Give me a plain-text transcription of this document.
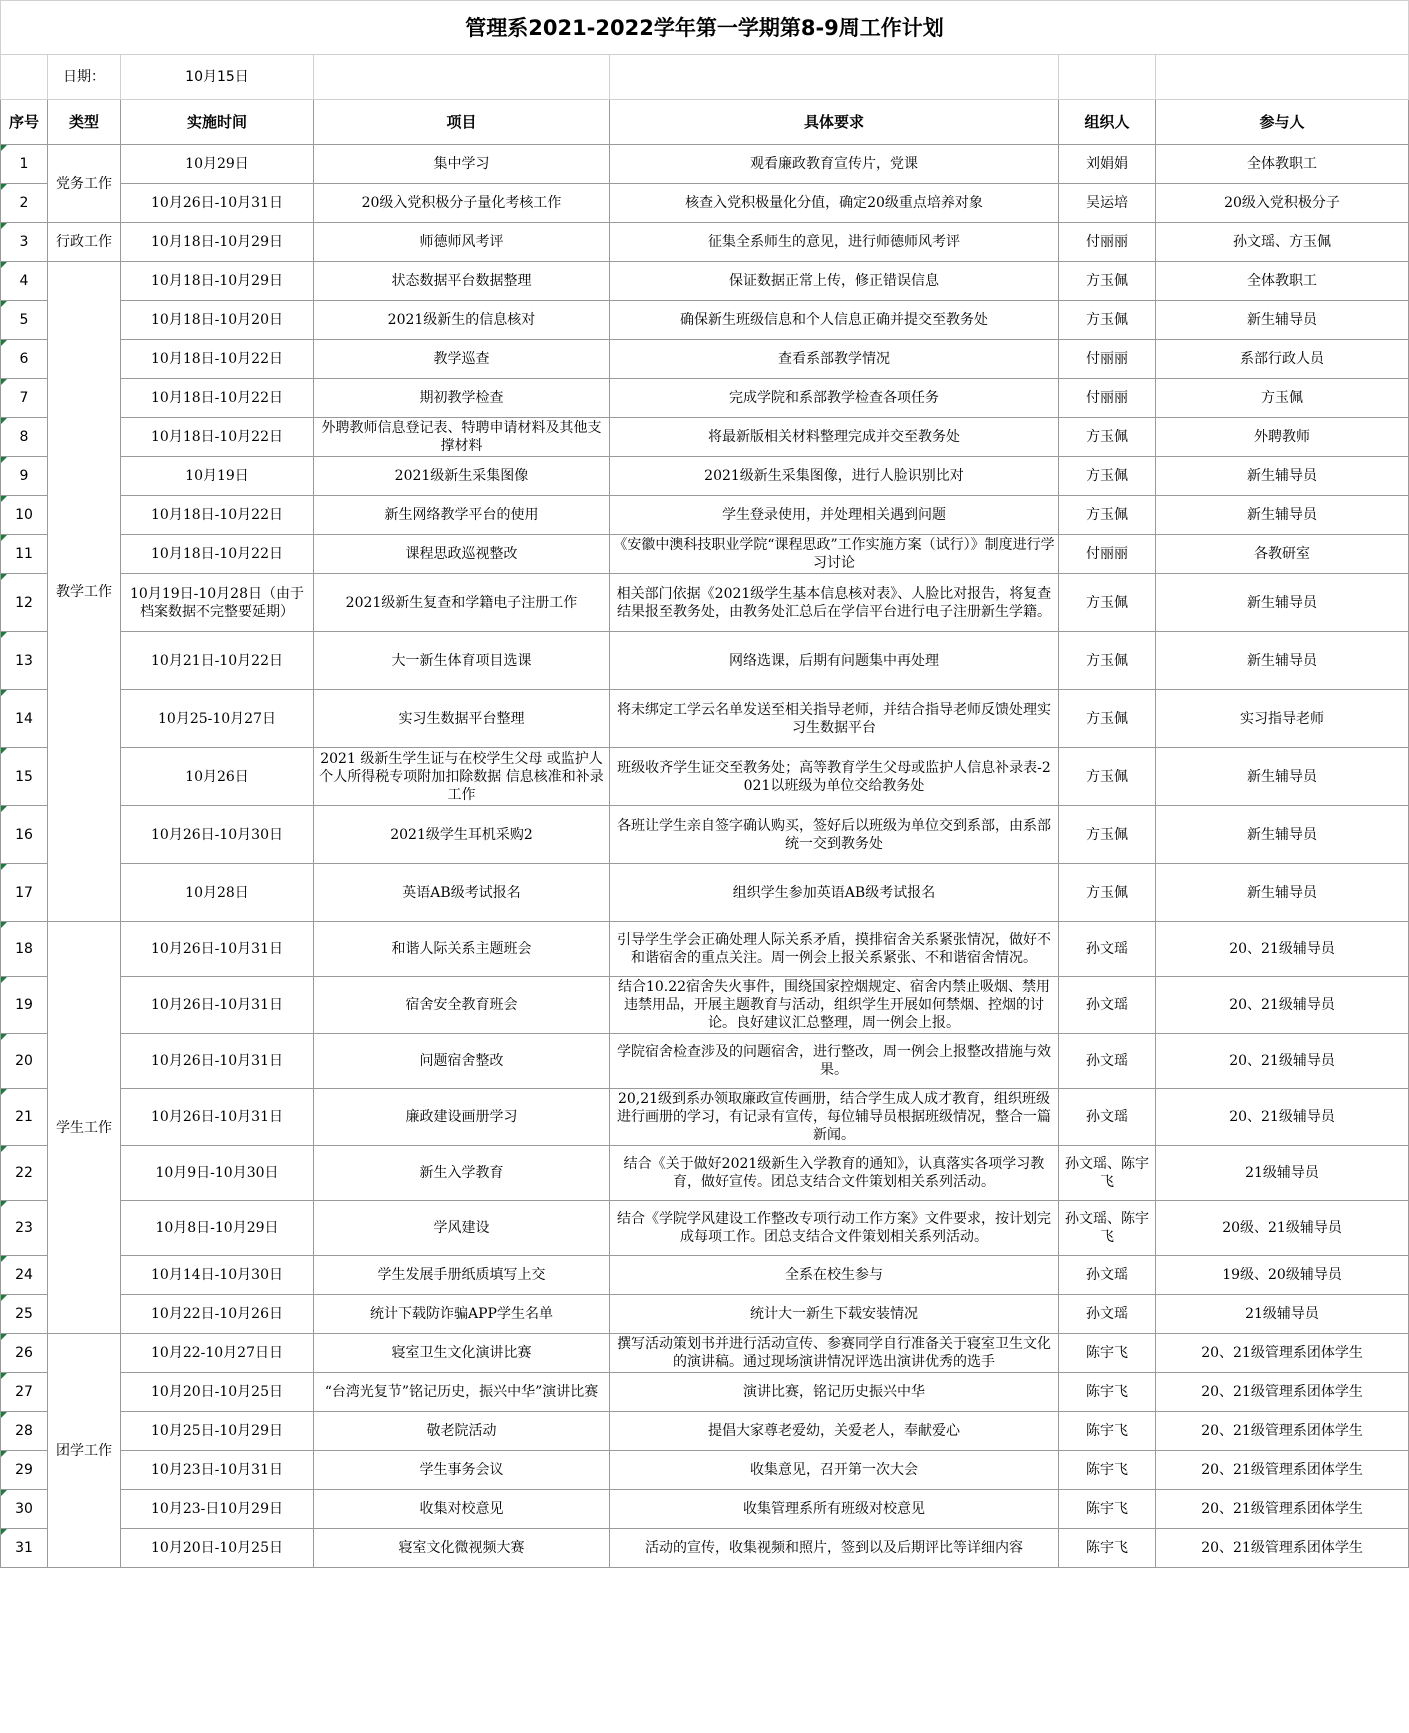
管理系2021-2022学年第一学期第8-9周工作计划						
	日期：	10月15日				
序号	类型	实施时间	项目	具体要求	组织人	参与人
1	党务工作	10月29日	集中学习	观看廉政教育宣传片，党课	刘娟娟	全体教职工
2		10月26日-10月31日	20级入党积极分子量化考核工作	核查入党积极量化分值，确定20级重点培养对象	吴运培	20级入党积极分子
3	行政工作	10月18日-10月29日	师德师风考评	征集全系师生的意见，进行师德师风考评	付丽丽	孙文瑶、方玉佩
4	教学工作	10月18日-10月29日	状态数据平台数据整理	保证数据正常上传，修正错误信息	方玉佩	全体教职工
5		10月18日-10月20日	2021级新生的信息核对	确保新生班级信息和个人信息正确并提交至教务处	方玉佩	新生辅导员
6		10月18日-10月22日	教学巡查	查看系部教学情况	付丽丽	系部行政人员
7		10月18日-10月22日	期初教学检查	完成学院和系部教学检查各项任务	付丽丽	方玉佩
8		10月18日-10月22日	外聘教师信息登记表、特聘申请材料及其他支撑材料	将最新版相关材料整理完成并交至教务处	方玉佩	外聘教师
9		10月19日	2021级新生采集图像	2021级新生采集图像，进行人脸识别比对	方玉佩	新生辅导员
10		10月18日-10月22日	新生网络教学平台的使用	学生登录使用，并处理相关遇到问题	方玉佩	新生辅导员
11		10月18日-10月22日	课程思政巡视整改	《安徽中澳科技职业学院“课程思政”工作实施方案（试行）》制度进行学习讨论	付丽丽	各教研室
12		10月19日-10月28日（由于档案数据不完整要延期）	2021级新生复查和学籍电子注册工作	相关部门依据《2021级学生基本信息核对表》、人脸比对报告，将复查结果报至教务处，由教务处汇总后在学信平台进行电子注册新生学籍。	方玉佩	新生辅导员
13		10月21日-10月22日	大一新生体育项目选课	网络选课，后期有问题集中再处理	方玉佩	新生辅导员
14		10月25-10月27日	实习生数据平台整理	将未绑定工学云名单发送至相关指导老师，并结合指导老师反馈处理实习生数据平台	方玉佩	实习指导老师
15		10月26日	2021 级新生学生证与在校学生父母 或监护人个人所得税专项附加扣除数据 信息核准和补录工作	班级收齐学生证交至教务处；高等教育学生父母或监护人信息补录表-2021以班级为单位交给教务处	方玉佩	新生辅导员
16		10月26日-10月30日	2021级学生耳机采购2	各班让学生亲自签字确认购买，签好后以班级为单位交到系部，由系部统一交到教务处	方玉佩	新生辅导员
17		10月28日	英语AB级考试报名	组织学生参加英语AB级考试报名	方玉佩	新生辅导员
18	学生工作	10月26日-10月31日	和谐人际关系主题班会	引导学生学会正确处理人际关系矛盾，摸排宿舍关系紧张情况，做好不和谐宿舍的重点关注。周一例会上报关系紧张、不和谐宿舍情况。	孙文瑶	20、21级辅导员
19		10月26日-10月31日	宿舍安全教育班会	结合10.22宿舍失火事件，围绕国家控烟规定、宿舍内禁止吸烟、禁用违禁用品，开展主题教育与活动，组织学生开展如何禁烟、控烟的讨论。良好建议汇总整理，周一例会上报。	孙文瑶	20、21级辅导员
20		10月26日-10月31日	问题宿舍整改	学院宿舍检查涉及的问题宿舍，进行整改，周一例会上报整改措施与效果。	孙文瑶	20、21级辅导员
21		10月26日-10月31日	廉政建设画册学习	20,21级到系办领取廉政宣传画册，结合学生成人成才教育，组织班级进行画册的学习，有记录有宣传，每位辅导员根据班级情况，整合一篇新闻。	孙文瑶	20、21级辅导员
22		10月9日-10月30日	新生入学教育	结合《关于做好2021级新生入学教育的通知》，认真落实各项学习教育，做好宣传。团总支结合文件策划相关系列活动。	孙文瑶、陈宇飞	21级辅导员
23		10月8日-10月29日	学风建设	结合《学院学风建设工作整改专项行动工作方案》文件要求，按计划完成每项工作。团总支结合文件策划相关系列活动。	孙文瑶、陈宇飞	20级、21级辅导员
24		10月14日-10月30日	学生发展手册纸质填写上交	全系在校生参与	孙文瑶	19级、20级辅导员
25		10月22日-10月26日	统计下载防诈骗APP学生名单	统计大一新生下载安装情况	孙文瑶	21级辅导员
26	团学工作	10月22-10月27日日	寝室卫生文化演讲比赛	撰写活动策划书并进行活动宣传、参赛同学自行准备关于寝室卫生文化的演讲稿。通过现场演讲情况评选出演讲优秀的选手	陈宇飞	20、21级管理系团体学生
27		10月20日-10月25日	“台湾光复节”铭记历史，振兴中华”演讲比赛	演讲比赛，铭记历史振兴中华	陈宇飞	20、21级管理系团体学生
28		10月25日-10月29日	敬老院活动	提倡大家尊老爱幼，关爱老人，奉献爱心	陈宇飞	20、21级管理系团体学生
29		10月23日-10月31日	学生事务会议	收集意见，召开第一次大会	陈宇飞	20、21级管理系团体学生
30		10月23-日10月29日	收集对校意见	收集管理系所有班级对校意见	陈宇飞	20、21级管理系团体学生
31		10月20日-10月25日	寝室文化微视频大赛	活动的宣传，收集视频和照片，签到以及后期评比等详细内容	陈宇飞	20、21级管理系团体学生
